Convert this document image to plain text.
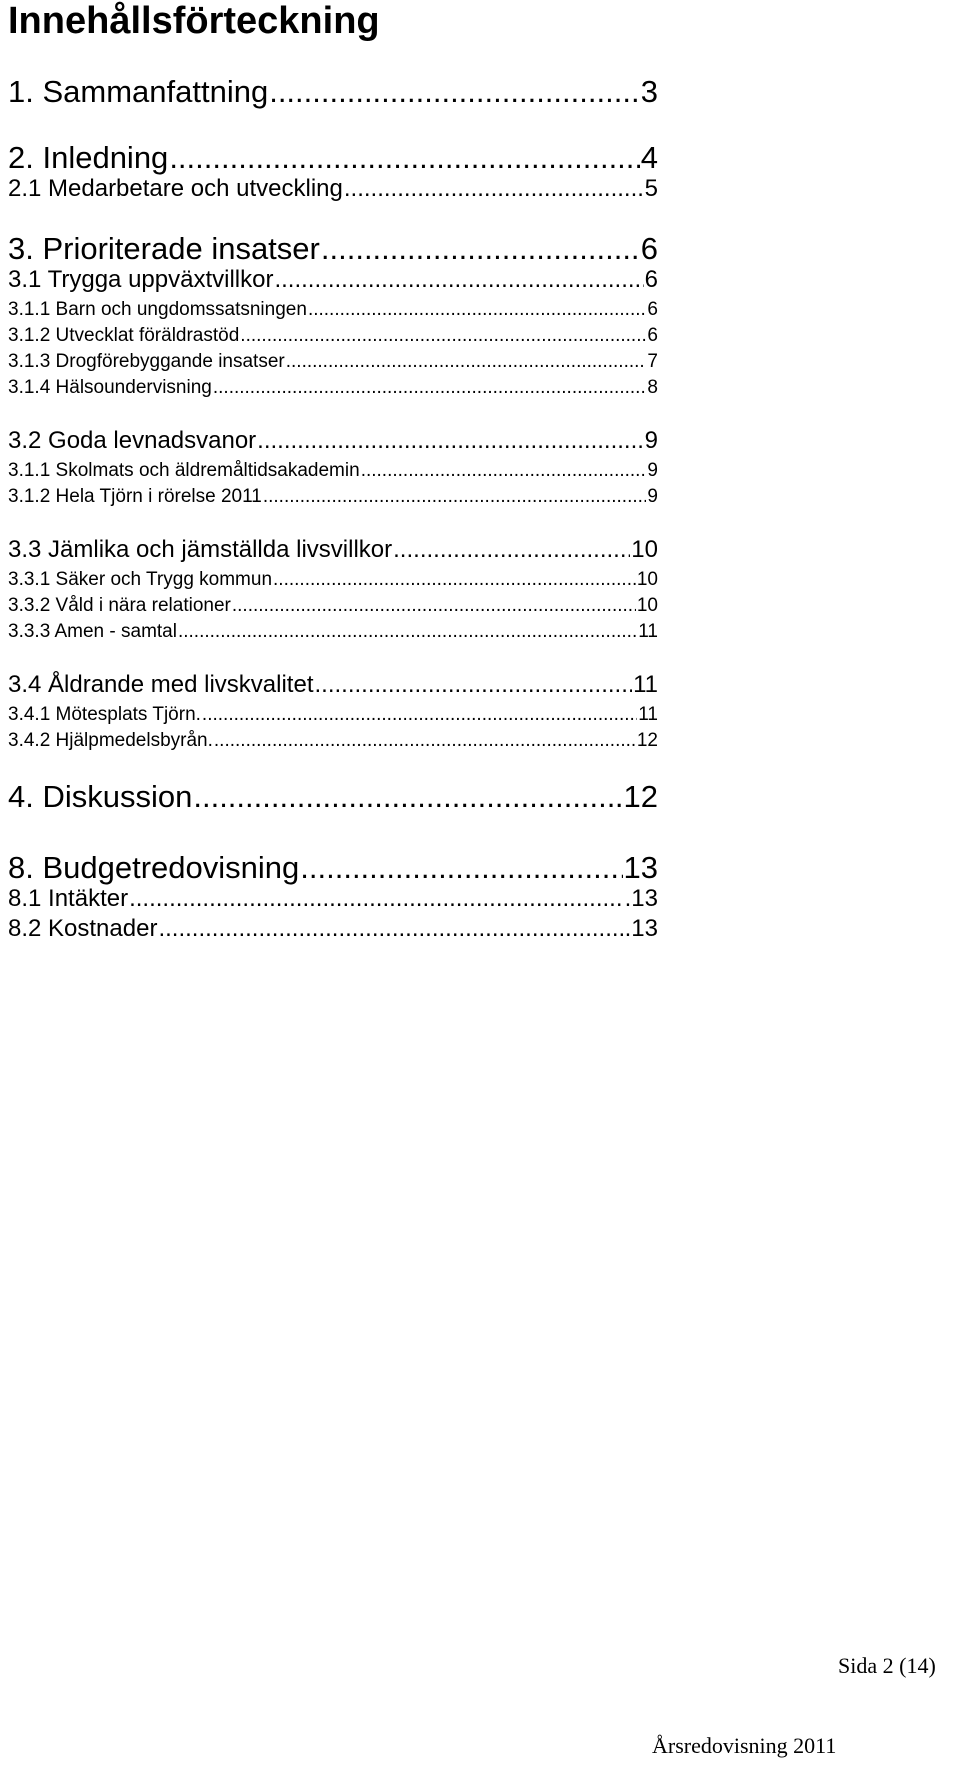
Innehållsförteckning
1. Sammanfattning .....	3
2. Inledning .....	4
2.1 Medarbetare och utveckling .....	5
3. Prioriterade insatser .....	6
3.1 Trygga uppväxtvillkor .....	6
3.1.1 Barn och ungdomssatsningen .....	6
3.1.2 Utvecklat föräldrastöd .....	6
3.1.3 Drogförebyggande insatser .....	7
3.1.4 Hälsoundervisning .....	8
3.2 Goda levnadsvanor .....	9
3.1.1 Skolmats och äldremåltidsakademin .....	9
3.1.2 Hela Tjörn i rörelse 2011 .....	9
3.3 Jämlika och jämställda livsvillkor .....	10
3.3.1 Säker och Trygg kommun .....	10
3.3.2 Våld i nära relationer .....	10
3.3.3 Amen - samtal .....	11
3.4 Åldrande med livskvalitet .....	11
3.4.1 Mötesplats Tjörn. .....	11
3.4.2 Hjälpmedelsbyrån. .....	12
4. Diskussion .....	.12
8. Budgetredovisning .....	13
8.1 Intäkter .....	.13
8.2 Kostnader .....	.13
Sida 2 (14)
Årsredovisning 2011
